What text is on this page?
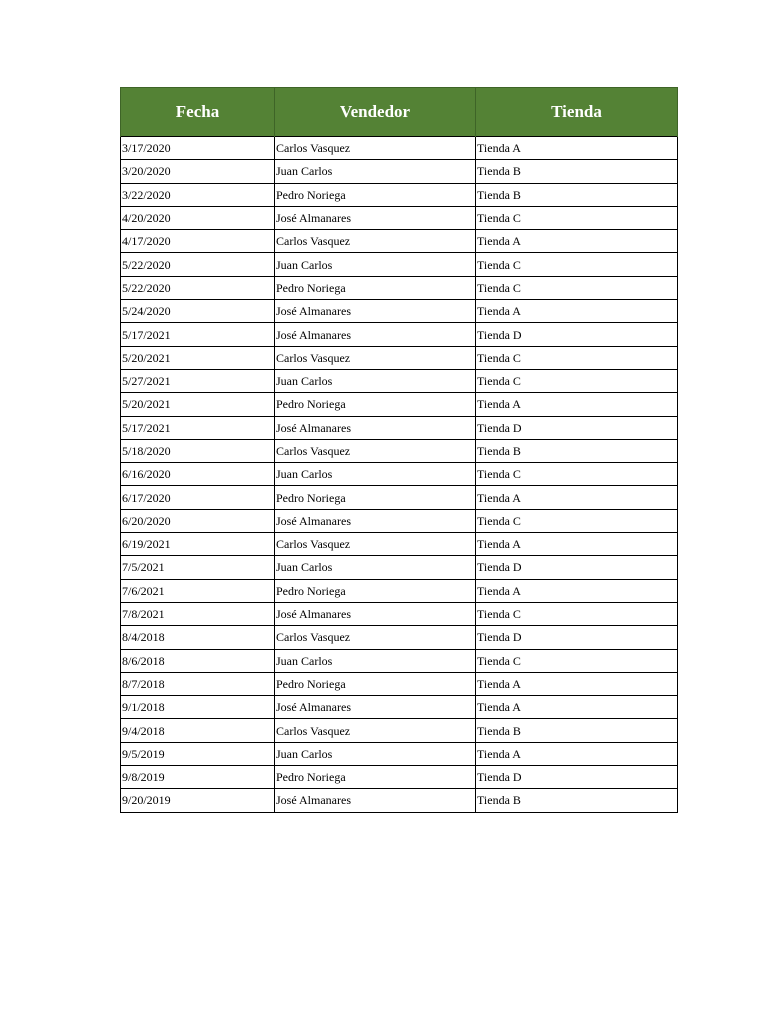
Fecha	Vendedor	Tienda
3/17/2020	Carlos Vasquez	Tienda A
3/20/2020	Juan Carlos	Tienda B
3/22/2020	Pedro Noriega	Tienda B
4/20/2020	José Almanares	Tienda C
4/17/2020	Carlos Vasquez	Tienda A
5/22/2020	Juan Carlos	Tienda C
5/22/2020	Pedro Noriega	Tienda C
5/24/2020	José Almanares	Tienda A
5/17/2021	José Almanares	Tienda D
5/20/2021	Carlos Vasquez	Tienda C
5/27/2021	Juan Carlos	Tienda C
5/20/2021	Pedro Noriega	Tienda A
5/17/2021	José Almanares	Tienda D
5/18/2020	Carlos Vasquez	Tienda B
6/16/2020	Juan Carlos	Tienda C
6/17/2020	Pedro Noriega	Tienda A
6/20/2020	José Almanares	Tienda C
6/19/2021	Carlos Vasquez	Tienda A
7/5/2021	Juan Carlos	Tienda D
7/6/2021	Pedro Noriega	Tienda A
7/8/2021	José Almanares	Tienda C
8/4/2018	Carlos Vasquez	Tienda D
8/6/2018	Juan Carlos	Tienda C
8/7/2018	Pedro Noriega	Tienda A
9/1/2018	José Almanares	Tienda A
9/4/2018	Carlos Vasquez	Tienda B
9/5/2019	Juan Carlos	Tienda A
9/8/2019	Pedro Noriega	Tienda D
9/20/2019	José Almanares	Tienda B
